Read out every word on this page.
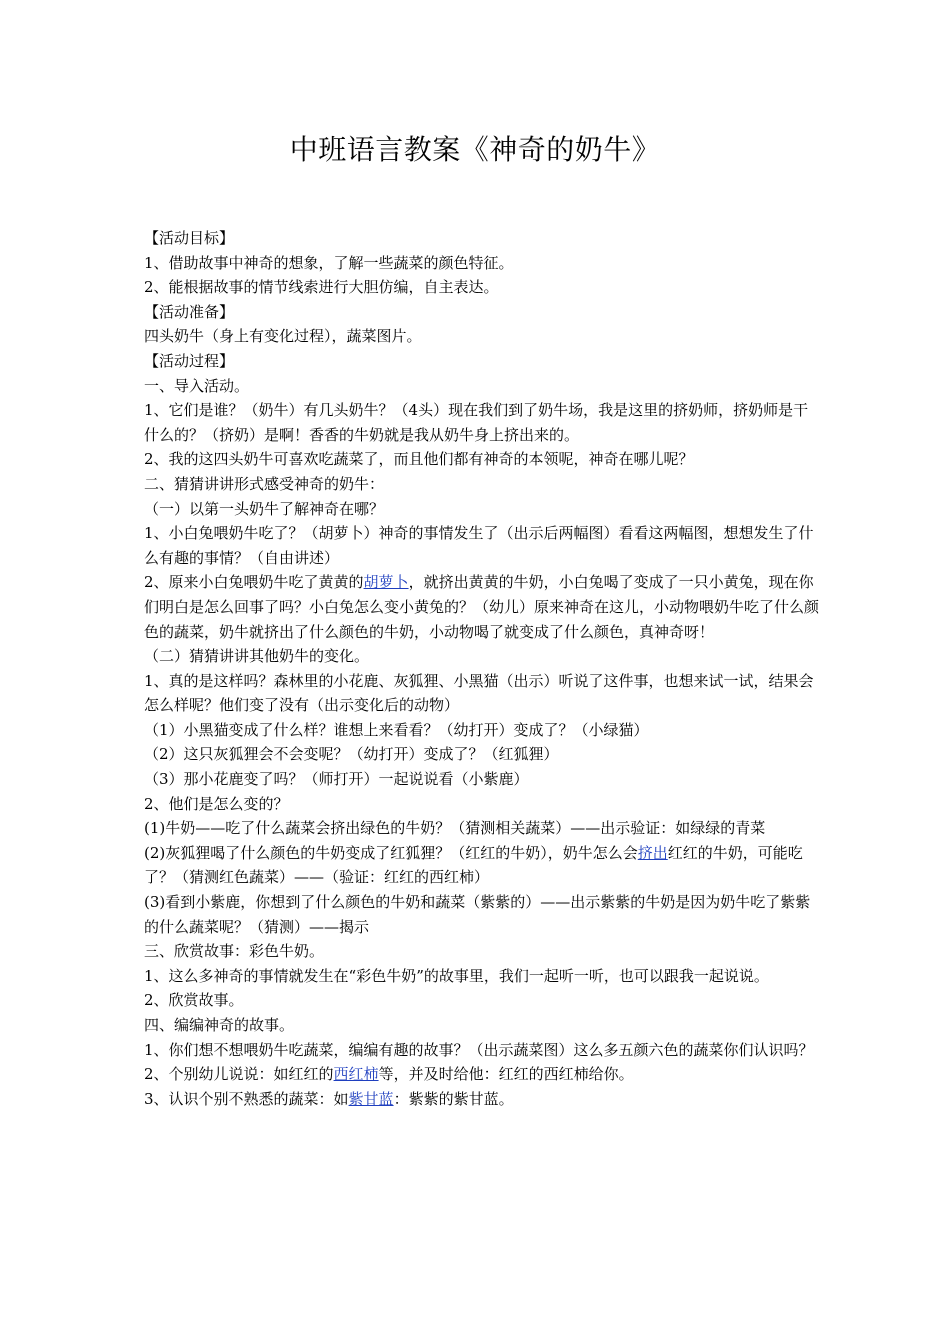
中班语言教案《神奇的奶牛》

【活动目标】

1、借助故事中神奇的想象，了解一些蔬菜的颜色特征。

2、能根据故事的情节线索进行大胆仿编，自主表达。

【活动准备】

四头奶牛（身上有变化过程），蔬菜图片。

【活动过程】

一、导入活动。

1、它们是谁？（奶牛）有几头奶牛？（4头）现在我们到了奶牛场，我是这里的挤奶师，挤奶师是干什么的？（挤奶）是啊！香香的牛奶就是我从奶牛身上挤出来的。

2、我的这四头奶牛可喜欢吃蔬菜了，而且他们都有神奇的本领呢，神奇在哪儿呢？

二、猜猜讲讲形式感受神奇的奶牛：

（一）以第一头奶牛了解神奇在哪？

1、小白兔喂奶牛吃了？（胡萝卜）神奇的事情发生了（出示后两幅图）看看这两幅图，想想发生了什么有趣的事情？（自由讲述）

2、原来小白兔喂奶牛吃了黄黄的胡萝卜，就挤出黄黄的牛奶，小白兔喝了变成了一只小黄兔，现在你们明白是怎么回事了吗？小白兔怎么变小黄兔的？（幼儿）原来神奇在这儿，小动物喂奶牛吃了什么颜色的蔬菜，奶牛就挤出了什么颜色的牛奶，小动物喝了就变成了什么颜色，真神奇呀！

（二）猜猜讲讲其他奶牛的变化。

1、真的是这样吗？森林里的小花鹿、灰狐狸、小黑猫（出示）听说了这件事，也想来试一试，结果会怎么样呢？他们变了没有（出示变化后的动物）

（1）小黑猫变成了什么样？谁想上来看看？（幼打开）变成了？（小绿猫）

（2）这只灰狐狸会不会变呢？（幼打开）变成了？（红狐狸）

（3）那小花鹿变了吗？（师打开）一起说说看（小紫鹿）

2、他们是怎么变的？

(1)牛奶——吃了什么蔬菜会挤出绿色的牛奶？（猜测相关蔬菜）——出示验证：如绿绿的青菜

(2)灰狐狸喝了什么颜色的牛奶变成了红狐狸？（红红的牛奶），奶牛怎么会挤出红红的牛奶，可能吃了？（猜测红色蔬菜）——（验证：红红的西红柿）

(3)看到小紫鹿，你想到了什么颜色的牛奶和蔬菜（紫紫的）——出示紫紫的牛奶是因为奶牛吃了紫紫的什么蔬菜呢？（猜测）——揭示

三、欣赏故事：彩色牛奶。

1、这么多神奇的事情就发生在“彩色牛奶”的故事里，我们一起听一听，也可以跟我一起说说。

2、欣赏故事。

四、编编神奇的故事。

1、你们想不想喂奶牛吃蔬菜，编编有趣的故事？（出示蔬菜图）这么多五颜六色的蔬菜你们认识吗？

2、个别幼儿说说：如红红的西红柿等，并及时给他：红红的西红柿给你。

3、认识个别不熟悉的蔬菜：如紫甘蓝：紫紫的紫甘蓝。
